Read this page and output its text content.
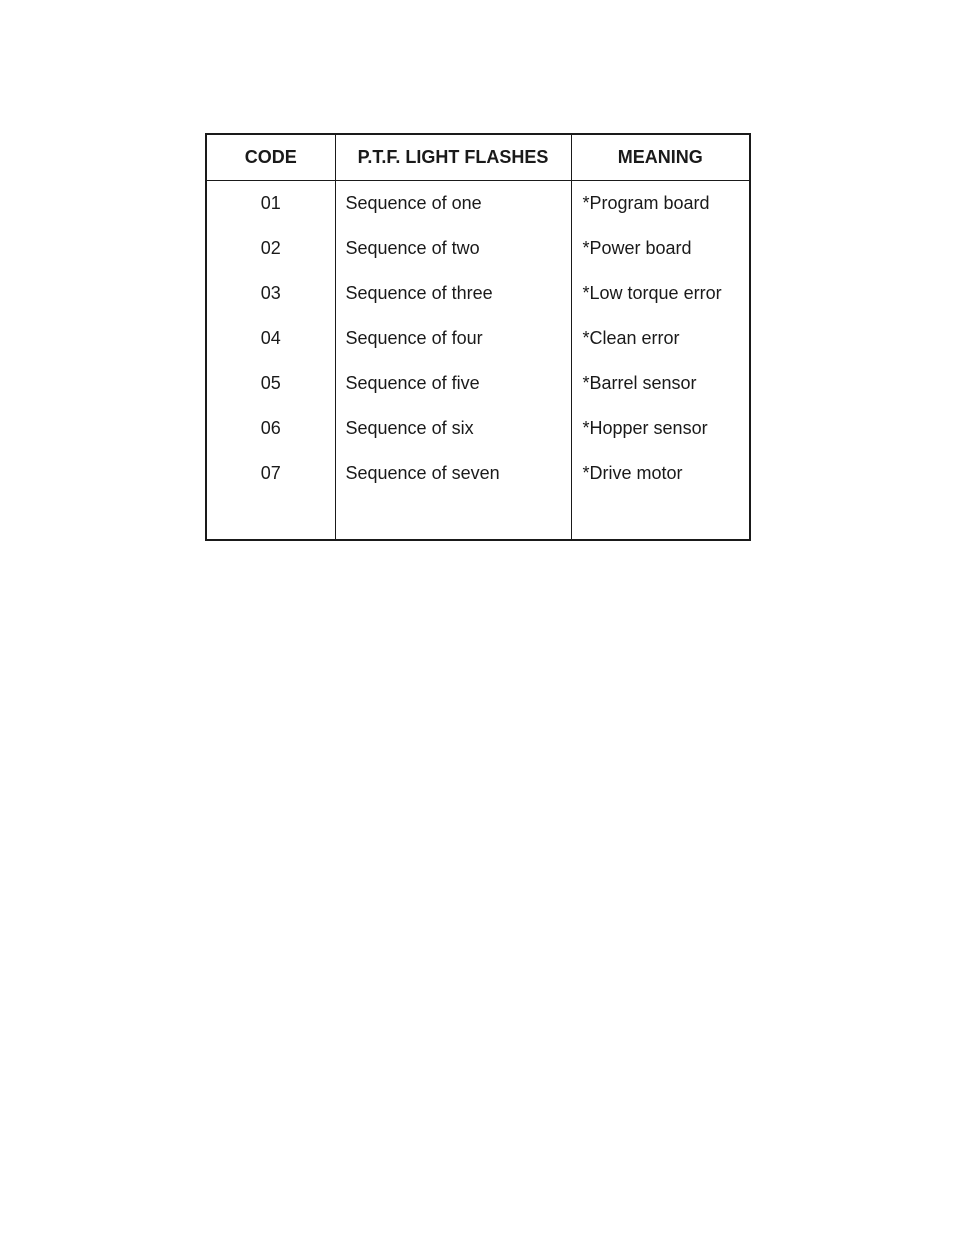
CODE	P.T.F. LIGHT FLASHES	MEANING
01	Sequence of one	*Program board
02	Sequence of two	*Power board
03	Sequence of three	*Low torque error
04	Sequence of four	*Clean error
05	Sequence of five	*Barrel sensor
06	Sequence of six	*Hopper sensor
07	Sequence of seven	*Drive motor
